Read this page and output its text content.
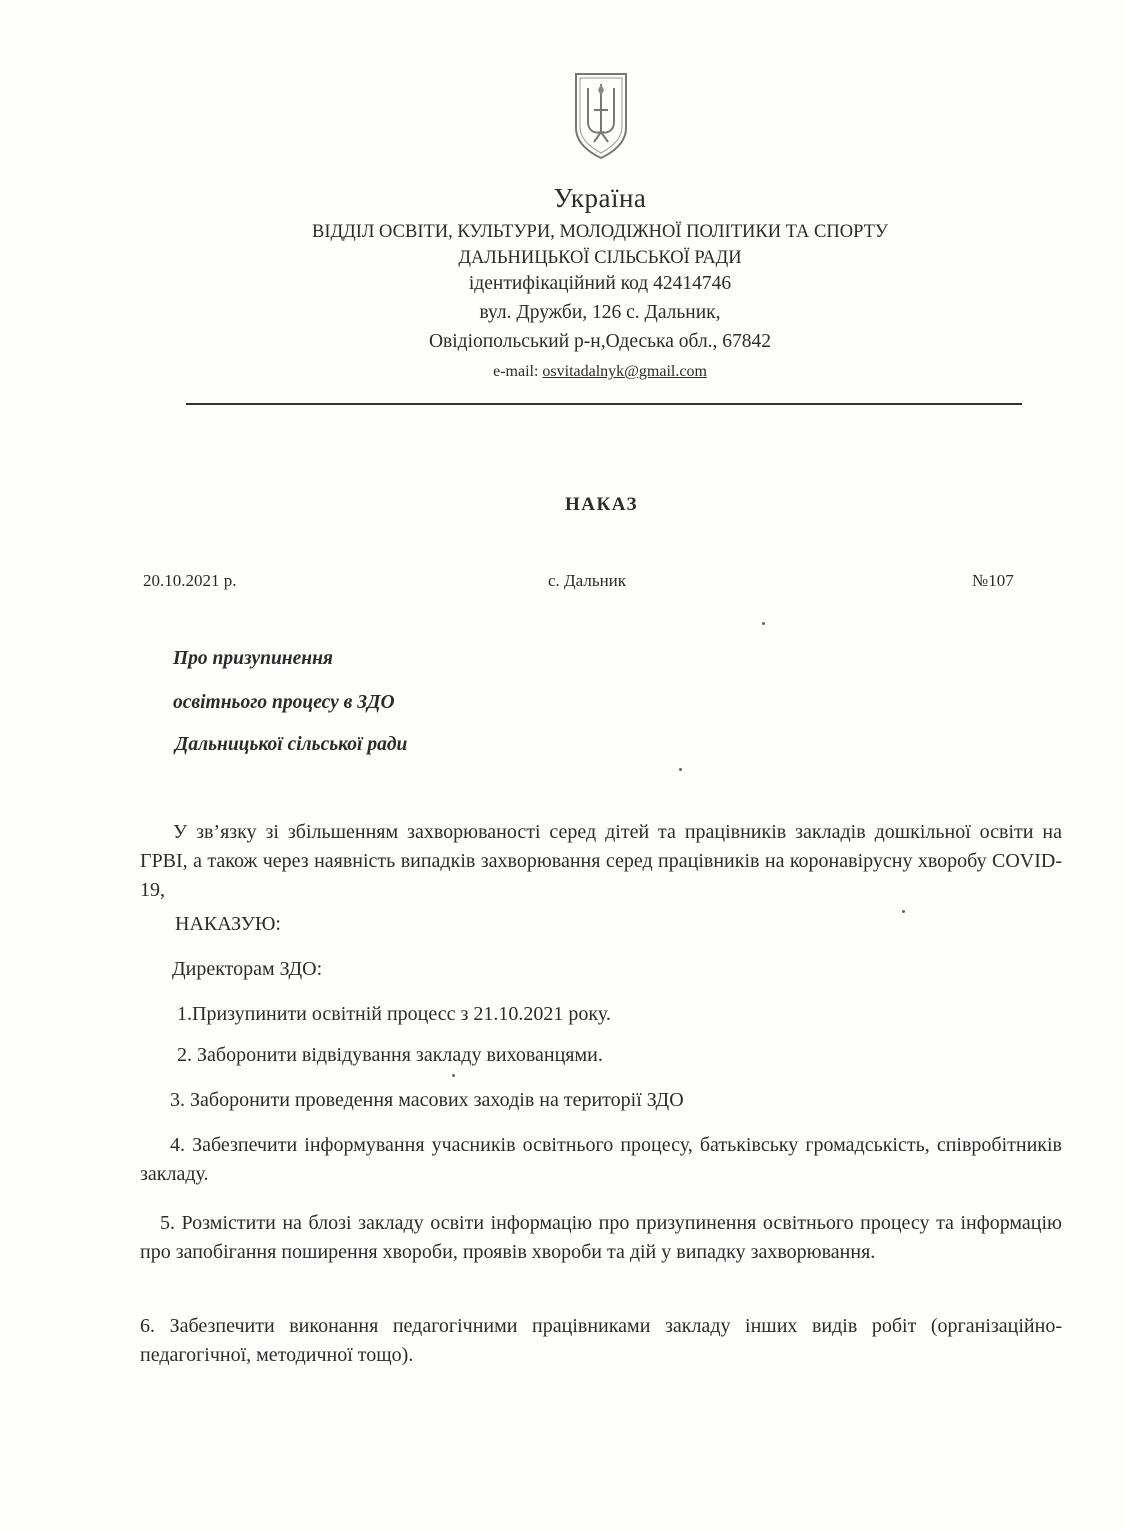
Україна
ВІДДІЛ ОСВІТИ, КУЛЬТУРИ, МОЛОДІЖНОЇ ПОЛІТИКИ ТА СПОРТУ
ДАЛЬНИЦЬКОЇ СІЛЬСЬКОЇ РАДИ
ідентифікаційний код 42414746
вул. Дружби, 126 с. Дальник,
Овідіопольський р-н,Одеська обл., 67842
e-mail: osvitadalnyk@gmail.com
НАКАЗ
20.10.2021 р.	с. Дальник	№107
Про призупинення
освітнього процесу в ЗДО
Дальницької сільської ради
У зв’язку зі збільшенням захворюваності серед дітей та працівників закладів дошкільної освіти на ГРВІ, а також через наявність випадків захворювання серед працівників на коронавірусну хворобу COVID-19,
НАКАЗУЮ:
Директорам ЗДО:
1.Призупинити освітній процесс з 21.10.2021 року.
2. Заборонити відвідування закладу вихованцями.
3. Заборонити проведення масових заходів на території ЗДО
4. Забезпечити інформування учасників освітнього процесу, батьківську громадськість, співробітників закладу.
5. Розмістити на блозі закладу освіти інформацію про призупинення освітнього процесу та інформацію про запобігання поширення хвороби, проявів хвороби та дій у випадку захворювання.
6. Забезпечити виконання педагогічними працівниками закладу інших видів робіт (організаційно-педагогічної, методичної тощо).
